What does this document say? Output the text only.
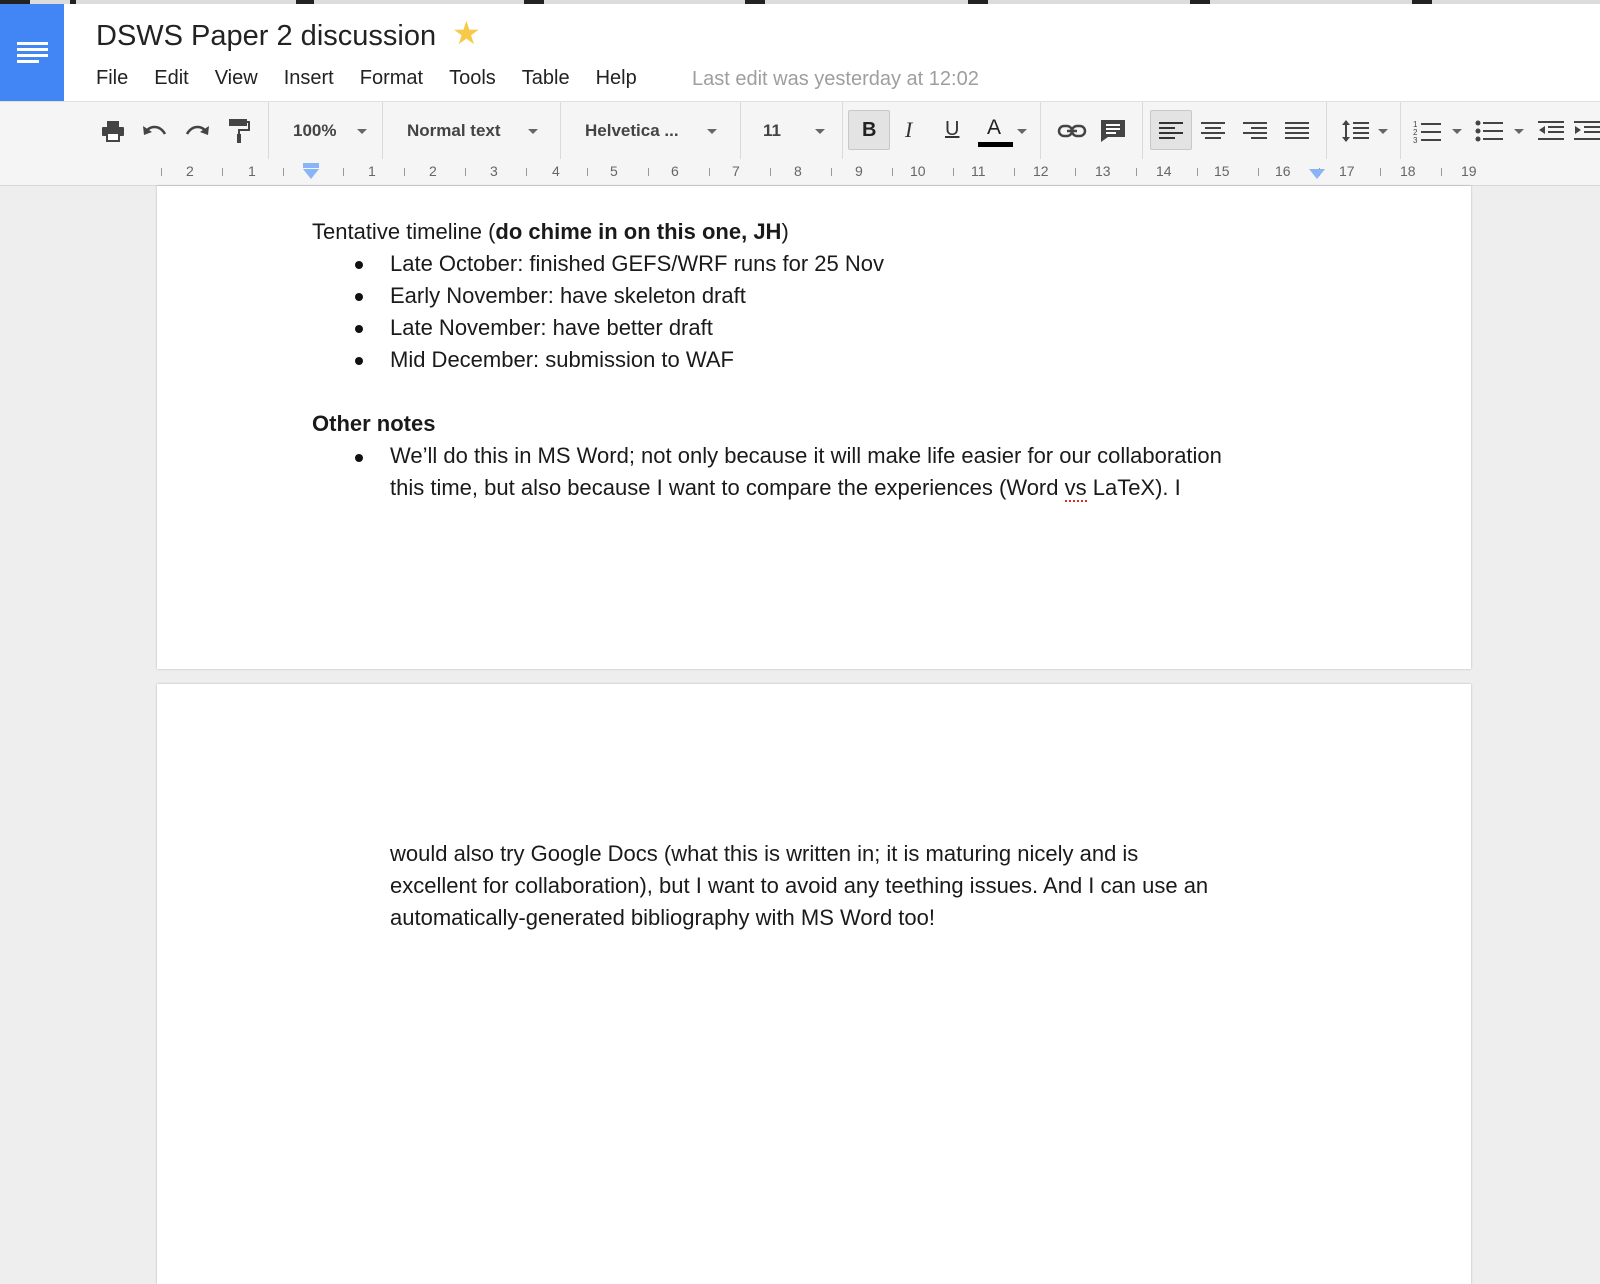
DSWS Paper 2 discussion ★
File Edit View Insert Format Tools Table Help	Last edit was yesterday at 12:02
100%	Normal text	Helvetica ...	11	B I U A	1
2
3
2	1	1	2	3	4	5	6	7	8	9	10	11	12	13	14	15	16	17	18	19
Tentative timeline (do chime in on this one, JH)
Late October: finished GEFS/WRF runs for 25 Nov
Early November: have skeleton draft
Late November: have better draft
Mid December: submission to WAF
Other notes
We’ll do this in MS Word; not only because it will make life easier for our collaboration
this time, but also because I want to compare the experiences (Word vs LaTeX). I
would also try Google Docs (what this is written in; it is maturing nicely and is
excellent for collaboration), but I want to avoid any teething issues. And I can use an
automatically-generated bibliography with MS Word too!
